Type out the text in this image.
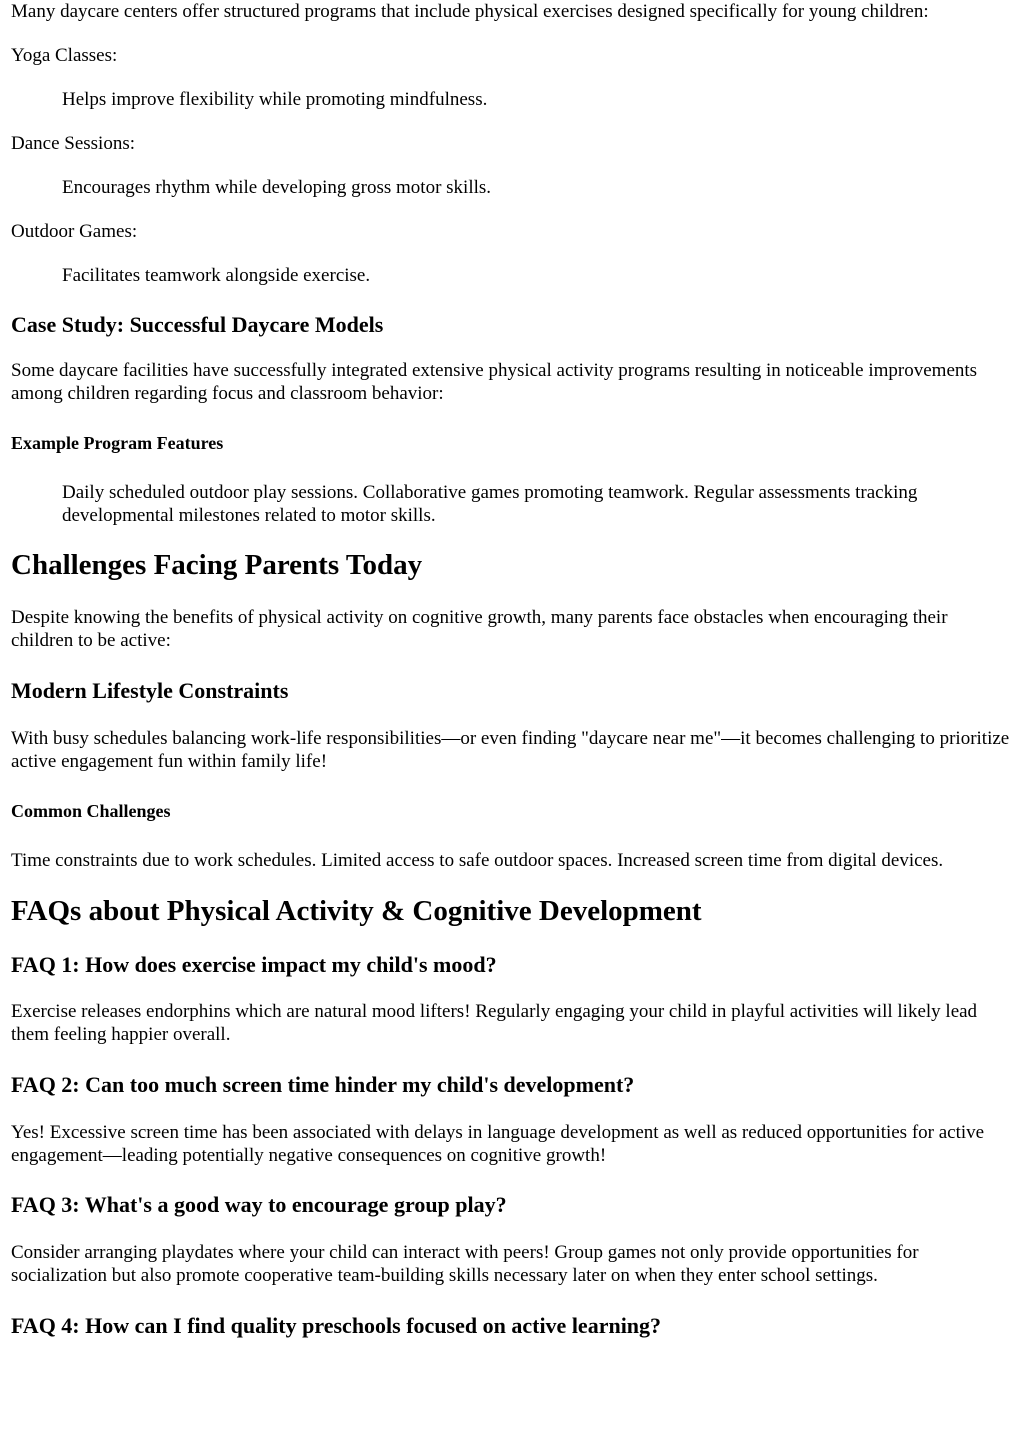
Many daycare centers offer structured programs that include physical exercises designed specifically for young children:

Yoga Classes:

Helps improve flexibility while promoting mindfulness.

Dance Sessions:

Encourages rhythm while developing gross motor skills.

Outdoor Games:

Facilitates teamwork alongside exercise.

Case Study: Successful Daycare Models

Some daycare facilities have successfully integrated extensive physical activity programs resulting in noticeable improvements among children regarding focus and classroom behavior:

Example Program Features

Daily scheduled outdoor play sessions. Collaborative games promoting teamwork. Regular assessments tracking developmental milestones related to motor skills.

Challenges Facing Parents Today

Despite knowing the benefits of physical activity on cognitive growth, many parents face obstacles when encouraging their children to be active:

Modern Lifestyle Constraints

With busy schedules balancing work-life responsibilities—or even finding "daycare near me"—it becomes challenging to prioritize active engagement fun within family life!

Common Challenges

Time constraints due to work schedules. Limited access to safe outdoor spaces. Increased screen time from digital devices.

FAQs about Physical Activity & Cognitive Development
FAQ 1: How does exercise impact my child's mood?

Exercise releases endorphins which are natural mood lifters! Regularly engaging your child in playful activities will likely lead them feeling happier overall.

FAQ 2: Can too much screen time hinder my child's development?

Yes! Excessive screen time has been associated with delays in language development as well as reduced opportunities for active engagement—leading potentially negative consequences on cognitive growth!

FAQ 3: What's a good way to encourage group play?

Consider arranging playdates where your child can interact with peers! Group games not only provide opportunities for socialization but also promote cooperative team-building skills necessary later on when they enter school settings.

FAQ 4: How can I find quality preschools focused on active learning?
